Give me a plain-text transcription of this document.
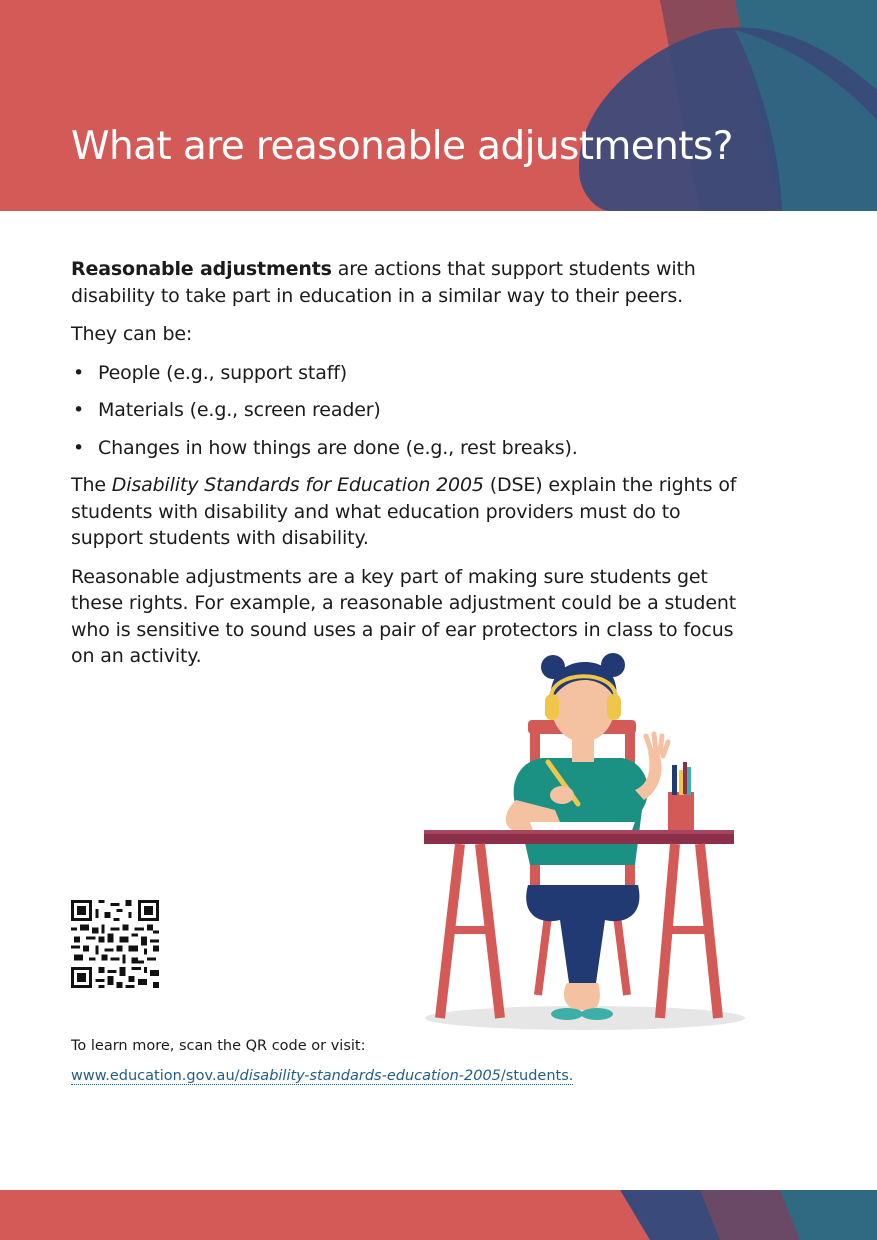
What are reasonable adjustments?

Reasonable adjustments are actions that support students with disability to take part in education in a similar way to their peers.

They can be:

• People (e.g., support staff)
• Materials (e.g., screen reader)
• Changes in how things are done (e.g., rest breaks).

The Disability Standards for Education 2005 (DSE) explain the rights of students with disability and what education providers must do to support students with disability.

Reasonable adjustments are a key part of making sure students get these rights. For example, a reasonable adjustment could be a student who is sensitive to sound uses a pair of ear protectors in class to focus on an activity.

To learn more, scan the QR code or visit:
www.education.gov.au/disability-standards-education-2005/students.
